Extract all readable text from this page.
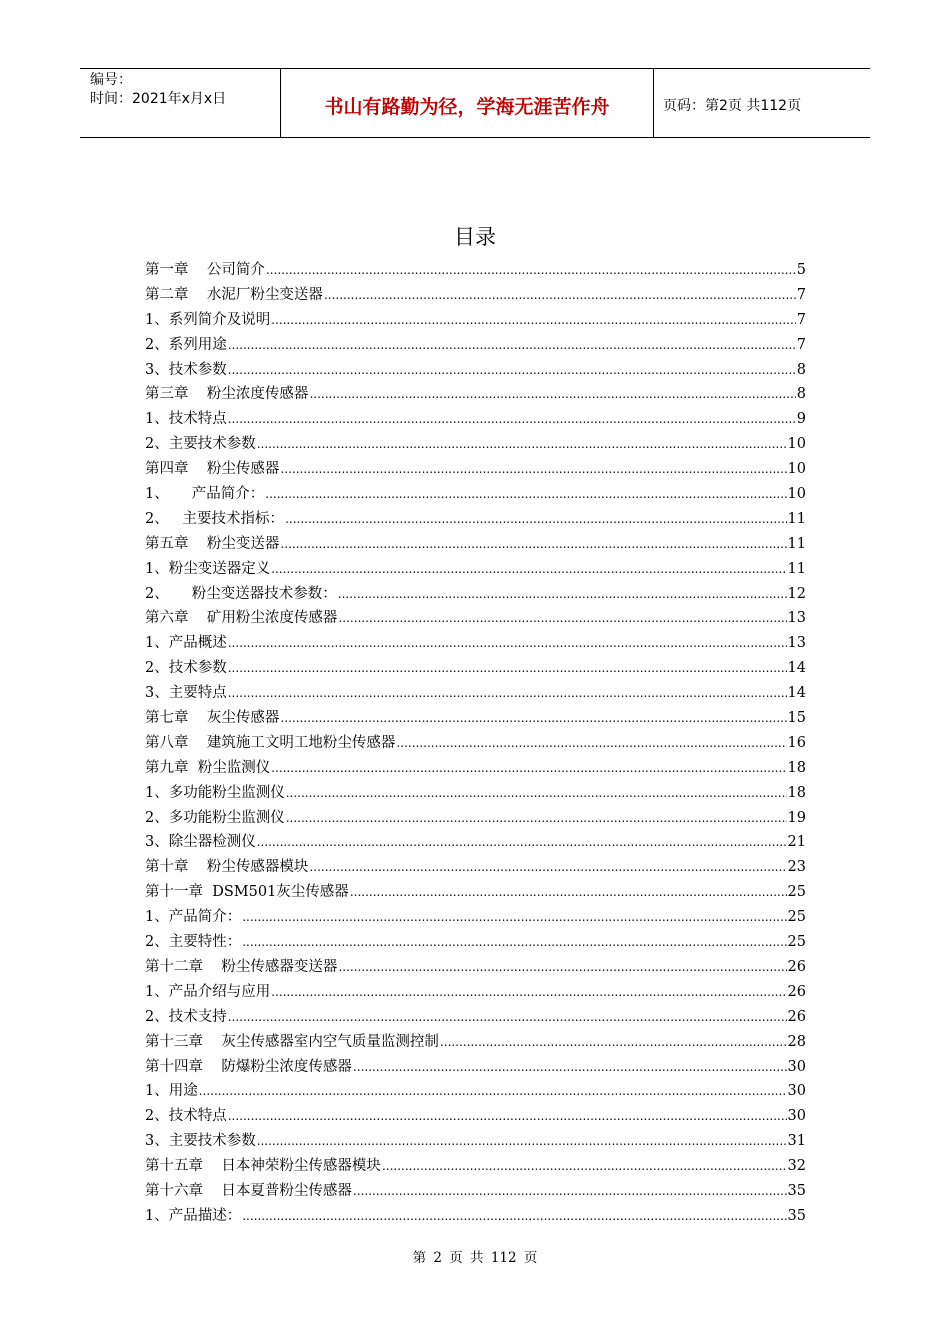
编号：
时间：2021年x月x日	书山有路勤为径，学海无涯苦作舟	页码：第2页 共112页
目录
第一章    公司简介 .....	5
第二章    水泥厂粉尘变送器 .....	7
1、系列简介及说明 .....	7
2、系列用途 .....	7
3、技术参数 .....	8
第三章    粉尘浓度传感器 .....	8
1、技术特点 .....	9
2、主要技术参数 .....	10
第四章    粉尘传感器 .....	10
1、     产品简介： .....	10
2、   主要技术指标： .....	11
第五章    粉尘变送器 .....	11
1、粉尘变送器定义 .....	11
2、     粉尘变送器技术参数： .....	12
第六章    矿用粉尘浓度传感器 .....	13
1、产品概述 .....	13
2、技术参数 .....	14
3、主要特点 .....	14
第七章    灰尘传感器 .....	15
第八章    建筑施工文明工地粉尘传感器 .....	16
第九章  粉尘监测仪 .....	18
1、多功能粉尘监测仪 .....	18
2、多功能粉尘监测仪 .....	19
3、除尘器检测仪 .....	21
第十章    粉尘传感器模块 .....	23
第十一章  DSM501灰尘传感器 .....	25
1、产品简介： .....	25
2、主要特性： .....	25
第十二章    粉尘传感器变送器 .....	26
1、产品介绍与应用 .....	26
2、技术支持 .....	26
第十三章    灰尘传感器室内空气质量监测控制 .....	28
第十四章    防爆粉尘浓度传感器 .....	30
1、用途 .....	30
2、技术特点 .....	30
3、主要技术参数 .....	31
第十五章    日本神荣粉尘传感器模块 .....	32
第十六章    日本夏普粉尘传感器 .....	35
1、产品描述： .....	35
第 2 页 共 112 页
